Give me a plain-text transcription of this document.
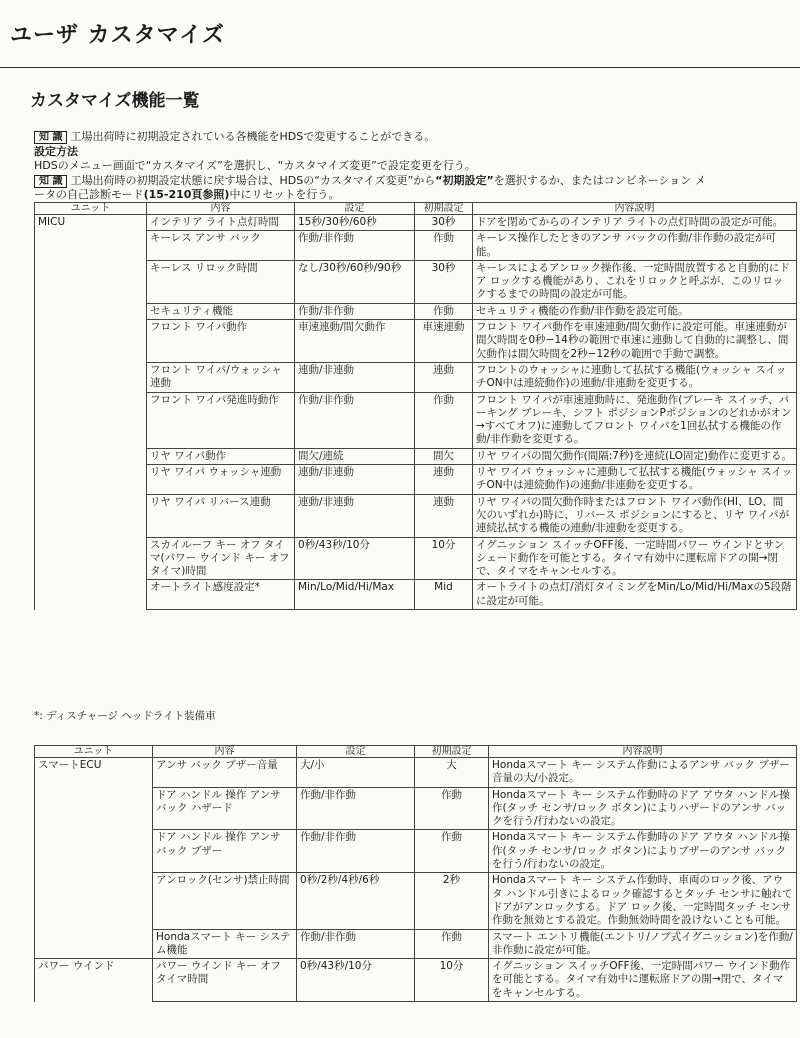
ユーザ カスタマイズ
カスタマイズ機能一覧
知 識 工場出荷時に初期設定されている各機能をHDSで変更することができる。
設定方法
HDSのメニュー画面で“カスタマイズ”を選択し、“カスタマイズ変更”で設定変更を行う。
知 識 工場出荷時の初期設定状態に戻す場合は、HDSの“カスタマイズ変更”から“初期設定”を選択するか、またはコンビネーション メ
ータの自己診断モード(15-210頁参照)中にリセットを行う。
ユニット	内容	設定	初期設定	内容説明
MICU	インテリア ライト点灯時間	15秒/30秒/60秒	30秒	ドアを閉めてからのインテリア ライトの点灯時間の設定が可能。
	キーレス アンサ バック	作動/非作動	作動	キーレス操作したときのアンサ バックの作動/非作動の設定が可能。
	キーレス リロック時間	なし/30秒/60秒/90秒	30秒	キーレスによるアンロック操作後、一定時間放置すると自動的にドア ロックする機能があり、これをリロックと呼ぶが、このリロックするまでの時間の設定が可能。
	セキュリティ機能	作動/非作動	作動	セキュリティ機能の作動/非作動を設定可能。
	フロント ワイパ動作	車速連動/間欠動作	車速連動	フロント ワイパ動作を車速連動/間欠動作に設定可能。車速連動が間欠時間を0秒−14秒の範囲で車速に連動して自動的に調整し、間欠動作は間欠時間を2秒−12秒の範囲で手動で調整。
	フロント ワイパ/ウォッシャ連動	連動/非連動	連動	フロントのウォッシャに連動して払拭する機能(ウォッシャ スイッチON中は連続動作)の連動/非連動を変更する。
	フロント ワイパ発進時動作	作動/非作動	作動	フロント ワイパが車速連動時に、発進動作(ブレーキ スイッチ、パーキング ブレーキ、シフト ポジションPポジションのどれかがオン→すべてオフ)に連動してフロント ワイパを1回払拭する機能の作動/非作動を変更する。
	リヤ ワイパ動作	間欠/連続	間欠	リヤ ワイパの間欠動作(間隔:7秒)を連続(LO固定)動作に変更する。
	リヤ ワイパ ウォッシャ連動	連動/非連動	連動	リヤ ワイパ ウォッシャに連動して払拭する機能(ウォッシャ スイッチON中は連続動作)の連動/非連動を変更する。
	リヤ ワイパ リバース連動	連動/非連動	連動	リヤ ワイパの間欠動作時またはフロント ワイパ動作(HI、LO、間欠のいずれか)時に、リバース ポジションにすると、リヤ ワイパが連続払拭する機能の連動/非連動を変更する。
	スカイルーフ キー オフ タイマ(パワー ウインド キー オフ タイマ)時間	0秒/43秒/10分	10分	イグニッション スイッチOFF後、一定時間パワー ウインドとサンシェード動作を可能とする。タイマ有効中に運転席ドアの開→閉で、タイマをキャンセルする。
	オートライト感度設定*	Min/Lo/Mid/Hi/Max	Mid	オートライトの点灯/消灯タイミングをMin/Lo/Mid/Hi/Maxの5段階に設定が可能。
*: ディスチャージ ヘッドライト装備車
ユニット	内容	設定	初期設定	内容説明
スマートECU	アンサ バック ブザー音量	大/小	大	Hondaスマート キー システム作動によるアンサ バック ブザー音量の大/小設定。
	ドア ハンドル 操作 アンサ バック ハザード	作動/非作動	作動	Hondaスマート キー システム作動時のドア アウタ ハンドル操作(タッチ センサ/ロック ボタン)によりハザードのアンサ バックを行う/行わないの設定。
	ドア ハンドル 操作 アンサ バック ブザー	作動/非作動	作動	Hondaスマート キー システム作動時のドア アウタ ハンドル操作(タッチ センサ/ロック ボタン)によりブザーのアンサ バックを行う/行わないの設定。
	アンロック(センサ)禁止時間	0秒/2秒/4秒/6秒	2秒	Hondaスマート キー システム作動時、車両のロック後、アウタ ハンドル引きによるロック確認するとタッチ センサに触れてドアがアンロックする。ドア ロック後、一定時間タッチ センサ作動を無効とする設定。作動無効時間を設けないことも可能。
	Hondaスマート キー システム機能	作動/非作動	作動	スマート エントリ機能(エントリ/ノブ式イグニッション)を作動/非作動に設定が可能。
パワー ウインド	パワー ウインド キー オフ タイマ時間	0秒/43秒/10分	10分	イグニッション スイッチOFF後、一定時間パワー ウインド動作を可能とする。タイマ有効中に運転席ドアの開→閉で、タイマをキャンセルする。
